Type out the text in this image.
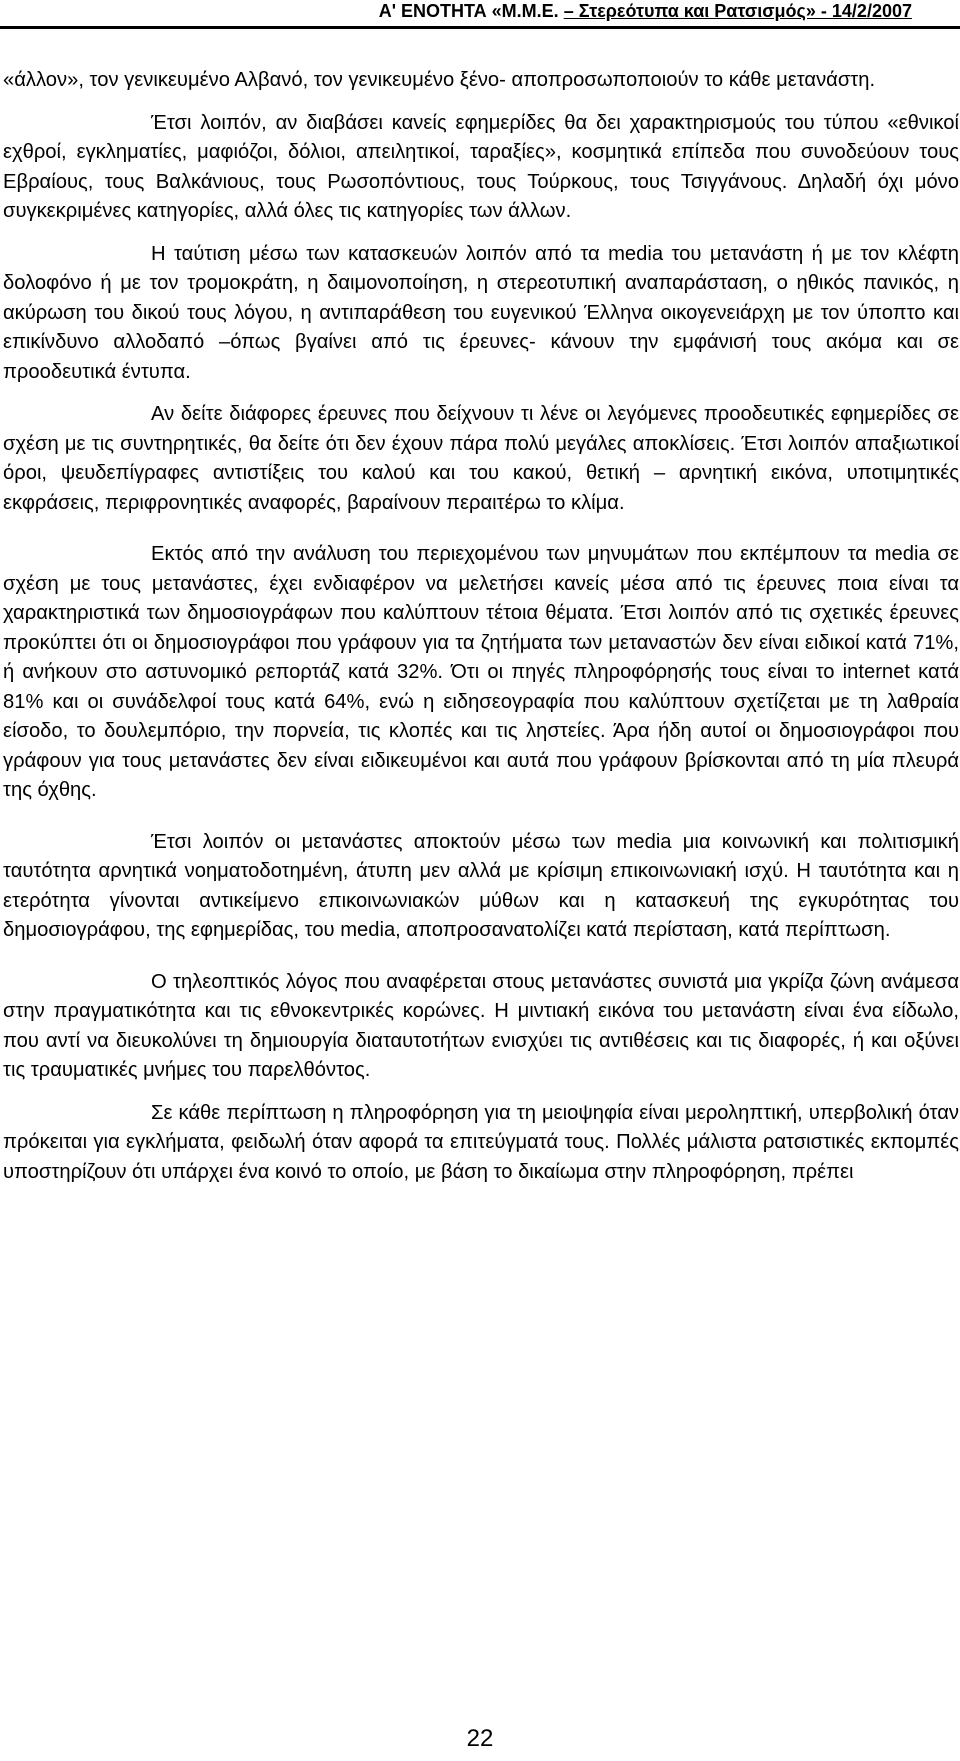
Α' ΕΝΟΤΗΤΑ «Μ.Μ.Ε. – Στερεότυπα και Ρατσισμός» - 14/2/2007

«άλλον», τον γενικευμένο Αλβανό, τον γενικευμένο ξένο- αποπροσωποποιούν το κάθε μετανάστη.

Έτσι λοιπόν, αν διαβάσει κανείς εφημερίδες θα δει χαρακτηρισμούς του τύπου «εθνικοί εχθροί, εγκληματίες, μαφιόζοι, δόλιοι, απειλητικοί, ταραξίες», κοσμητικά επίπεδα που συνοδεύουν τους Εβραίους, τους Βαλκάνιους, τους Ρωσοπόντιους, τους Τούρκους, τους Τσιγγάνους. Δηλαδή όχι μόνο συγκεκριμένες κατηγορίες, αλλά όλες τις κατηγορίες των άλλων.

Η ταύτιση μέσω των κατασκευών λοιπόν από τα media του μετανάστη ή με τον κλέφτη δολοφόνο ή με τον τρομοκράτη, η δαιμονοποίηση, η στερεοτυπική αναπαράσταση, ο ηθικός πανικός, η ακύρωση του δικού τους λόγου, η αντιπαράθεση του ευγενικού Έλληνα οικογενειάρχη με τον ύποπτο και επικίνδυνο αλλοδαπό –όπως βγαίνει από τις έρευνες- κάνουν την εμφάνισή τους ακόμα και σε προοδευτικά έντυπα.

Αν δείτε διάφορες έρευνες που δείχνουν τι λένε οι λεγόμενες προοδευτικές εφημερίδες σε σχέση με τις συντηρητικές, θα δείτε ότι δεν έχουν πάρα πολύ μεγάλες αποκλίσεις. Έτσι λοιπόν απαξιωτικοί όροι, ψευδεπίγραφες αντιστίξεις του καλού και του κακού, θετική – αρνητική εικόνα, υποτιμητικές εκφράσεις, περιφρονητικές αναφορές, βαραίνουν περαιτέρω το κλίμα.

Εκτός από την ανάλυση του περιεχομένου των μηνυμάτων που εκπέμπουν τα media σε σχέση με τους μετανάστες, έχει ενδιαφέρον να μελετήσει κανείς μέσα από τις έρευνες ποια είναι τα χαρακτηριστικά των δημοσιογράφων που καλύπτουν τέτοια θέματα. Έτσι λοιπόν από τις σχετικές έρευνες προκύπτει ότι οι δημοσιογράφοι που γράφουν για τα ζητήματα των μεταναστών δεν είναι ειδικοί κατά 71%, ή ανήκουν στο αστυνομικό ρεπορτάζ κατά 32%. Ότι οι πηγές πληροφόρησής τους είναι το internet κατά 81% και οι συνάδελφοί τους κατά 64%, ενώ η ειδησεογραφία που καλύπτουν σχετίζεται με τη λαθραία είσοδο, το δουλεμπόριο, την πορνεία, τις κλοπές και τις ληστείες. Άρα ήδη αυτοί οι δημοσιογράφοι που γράφουν για τους μετανάστες δεν είναι ειδικευμένοι και αυτά που γράφουν βρίσκονται από τη μία πλευρά της όχθης.

Έτσι λοιπόν οι μετανάστες αποκτούν μέσω των media μια κοινωνική και πολιτισμική ταυτότητα αρνητικά νοηματοδοτημένη, άτυπη μεν αλλά με κρίσιμη επικοινωνιακή ισχύ. Η ταυτότητα και η ετερότητα γίνονται αντικείμενο επικοινωνιακών μύθων και η κατασκευή της εγκυρότητας του δημοσιογράφου, της εφημερίδας, του media, αποπροσανατολίζει κατά περίσταση, κατά περίπτωση.

Ο τηλεοπτικός λόγος που αναφέρεται στους μετανάστες συνιστά μια γκρίζα ζώνη ανάμεσα στην πραγματικότητα και τις εθνοκεντρικές κορώνες. Η μιντιακή εικόνα του μετανάστη είναι ένα είδωλο, που αντί να διευκολύνει τη δημιουργία διαταυτοτήτων ενισχύει τις αντιθέσεις και τις διαφορές, ή και οξύνει τις τραυματικές μνήμες του παρελθόντος.

Σε κάθε περίπτωση η πληροφόρηση για τη μειοψηφία είναι μεροληπτική, υπερβολική όταν πρόκειται για εγκλήματα, φειδωλή όταν αφορά τα επιτεύγματά τους. Πολλές μάλιστα ρατσιστικές εκπομπές υποστηρίζουν ότι υπάρχει ένα κοινό το οποίο, με βάση το δικαίωμα στην πληροφόρηση, πρέπει

22
